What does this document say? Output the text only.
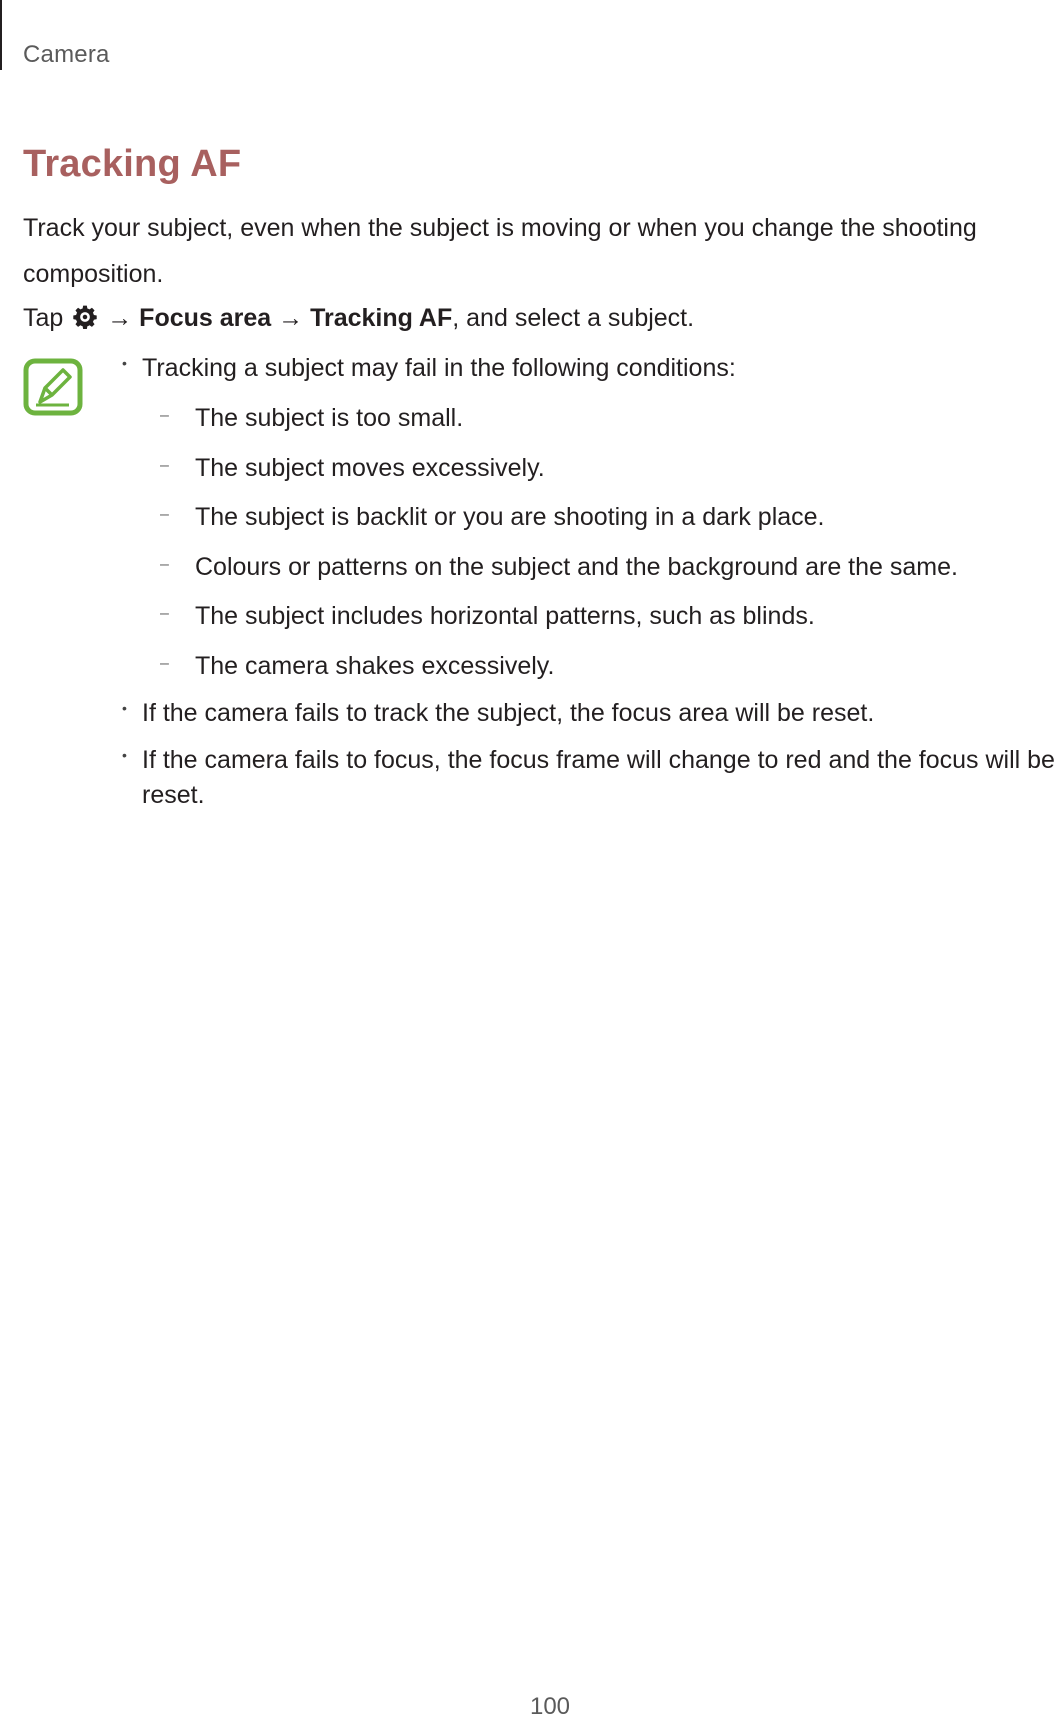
Camera
Tracking AF
Track your subject, even when the subject is moving or when you change the shooting composition.
Tap → Focus area → Tracking AF, and select a subject.
• Tracking a subject may fail in the following conditions:
– The subject is too small.
– The subject moves excessively.
– The subject is backlit or you are shooting in a dark place.
– Colours or patterns on the subject and the background are the same.
– The subject includes horizontal patterns, such as blinds.
– The camera shakes excessively.
• If the camera fails to track the subject, the focus area will be reset.
• If the camera fails to focus, the focus frame will change to red and the focus will be
reset.
100
